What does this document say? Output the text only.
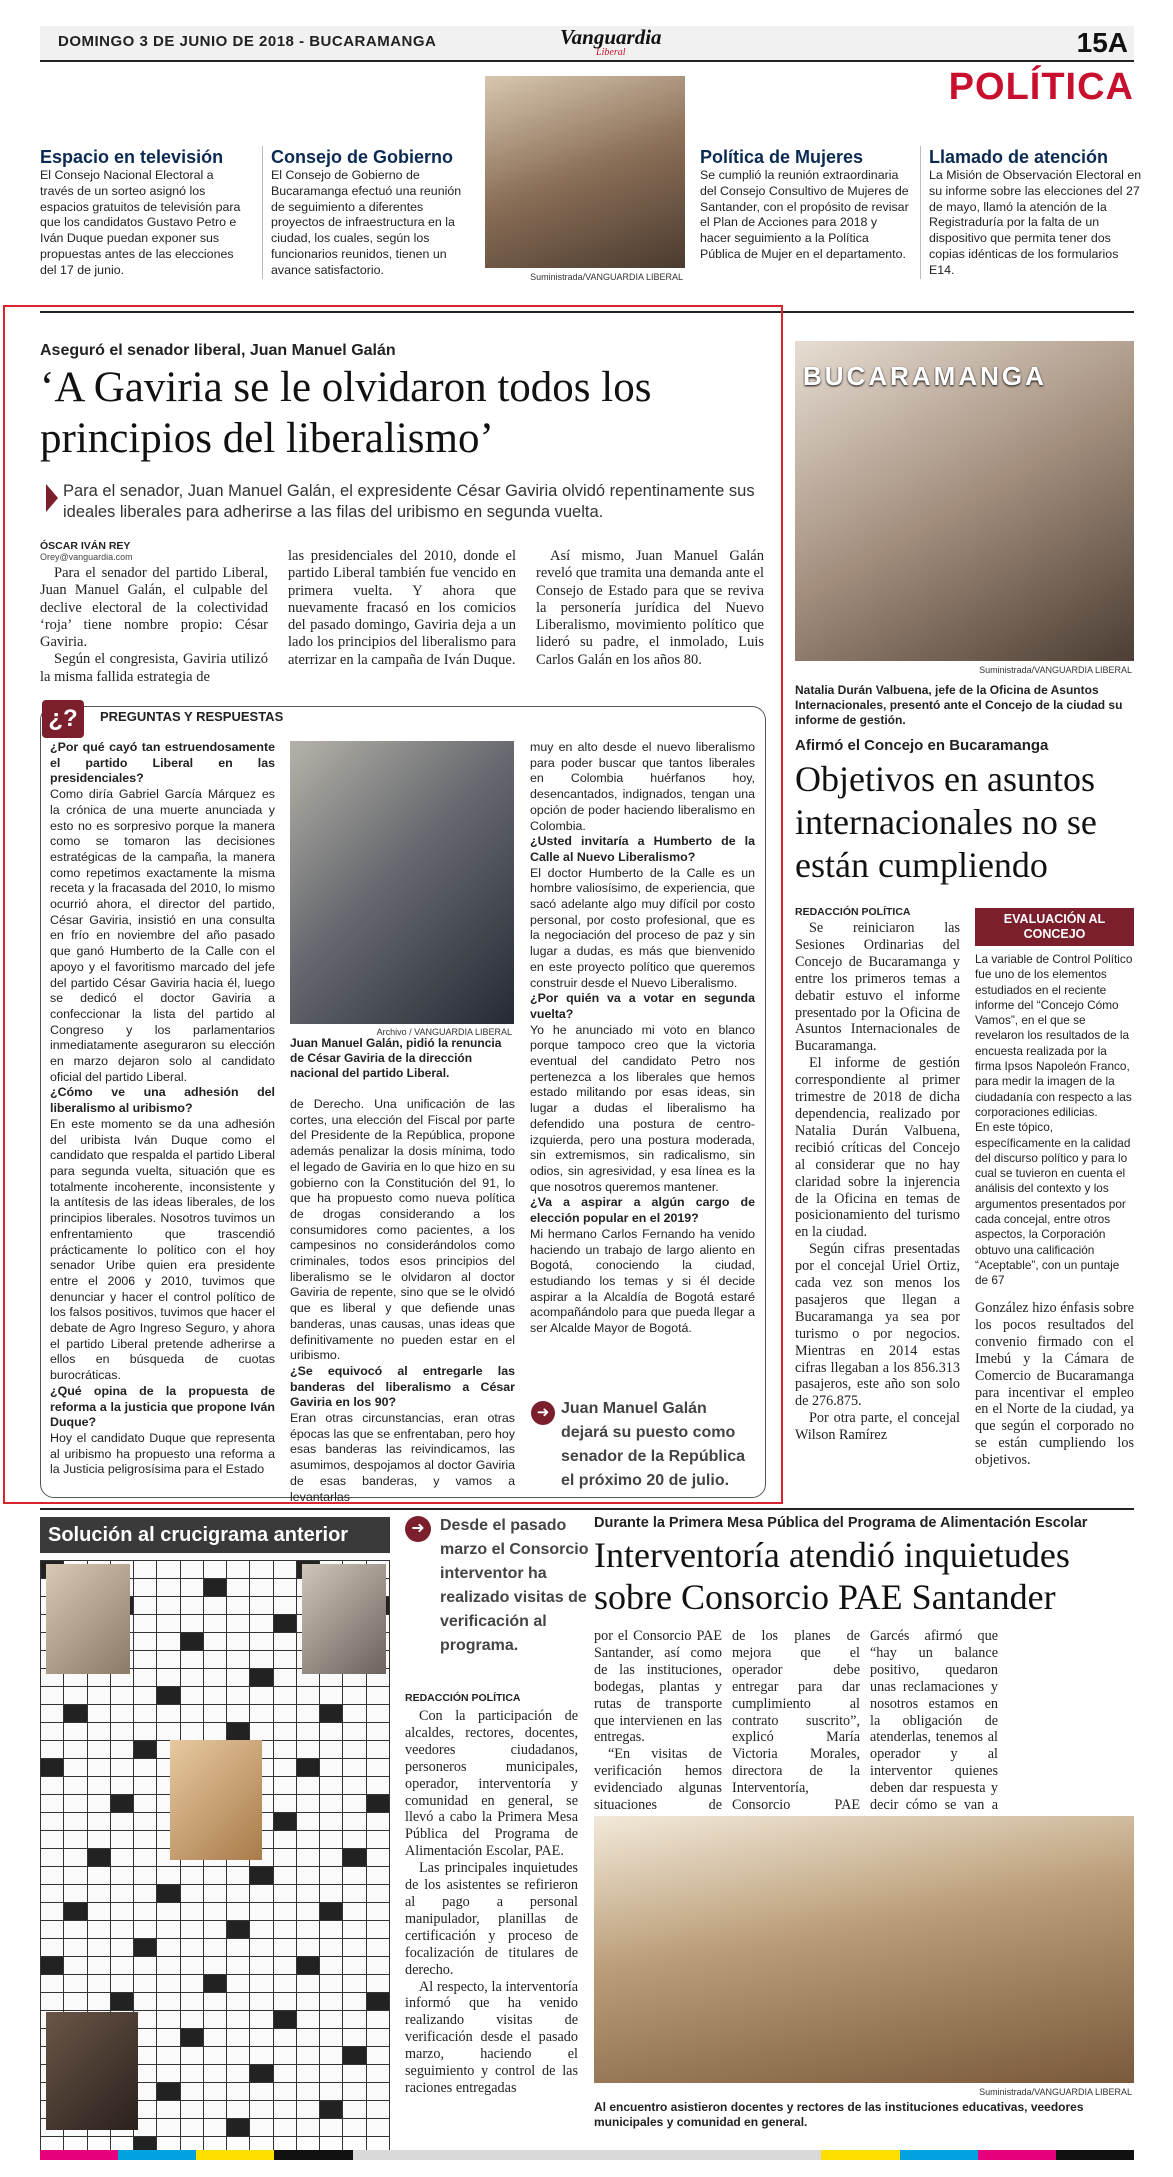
DOMINGO 3 DE JUNIO DE 2018 - BUCARAMANGA	Vanguardia
Liberal	15A
POLÍTICA
Espacio en televisión

El Consejo Nacional Electoral a través de un sorteo asignó los espacios gratuitos de televisión para que los candidatos Gustavo Petro e Iván Duque puedan exponer sus propuestas antes de las elecciones del 17 de junio.

Consejo de Gobierno

El Consejo de Gobierno de Bucaramanga efectuó una reunión de seguimiento a diferentes proyectos de infraestructura en la ciudad, los cuales, según los funcionarios reunidos, tienen un avance satisfactorio.

Suministrada/VANGUARDIA LIBERAL
Política de Mujeres

Se cumplió la reunión extraordinaria del Consejo Consultivo de Mujeres de Santander, con el propósito de revisar el Plan de Acciones para 2018 y hacer seguimiento a la Política Pública de Mujer en el departamento.

Llamado de atención

La Misión de Observación Electoral en su informe sobre las elecciones del 27 de mayo, llamó la atención de la Registraduría por la falta de un dispositivo que permita tener dos copias idénticas de los formularios E14.

Aseguró el senador liberal, Juan Manuel Galán
‘A Gaviria se le olvidaron todos los principios del liberalismo’
Para el senador, Juan Manuel Galán, el expresidente César Gaviria olvidó repentinamente sus ideales liberales para adherirse a las filas del uribismo en segunda vuelta.
ÓSCAR IVÁN REY
Orey@vanguardia.com

Para el senador del partido Liberal, Juan Manuel Galán, el culpable del declive electoral de la colectividad ‘roja’ tiene nombre propio: César Gaviria.

Según el congresista, Gaviria utilizó la misma fallida estrategia de

las presidenciales del 2010, donde el partido Liberal también fue vencido en primera vuelta. Y ahora que nuevamente fracasó en los comicios del pasado domingo, Gaviria deja a un lado los principios del liberalismo para aterrizar en la campaña de Iván Duque.

Así mismo, Juan Manuel Galán reveló que tramita una demanda ante el Consejo de Estado para que se reviva la personería jurídica del Nuevo Liberalismo, movimiento político que lideró su padre, el inmolado, Luis Carlos Galán en los años 80.

¿?	PREGUNTAS Y RESPUESTAS

¿Por qué cayó tan estruendosamente el partido Liberal en las presidenciales?

Como diría Gabriel García Márquez es la crónica de una muerte anunciada y esto no es sorpresivo porque la manera como se tomaron las decisiones estratégicas de la campaña, la manera como repetimos exactamente la misma receta y la fracasada del 2010, lo mismo ocurrió ahora, el director del partido, César Gaviria, insistió en una consulta en frío en noviembre del año pasado que ganó Humberto de la Calle con el apoyo y el favoritismo marcado del jefe del partido César Gaviria hacia él, luego se dedicó el doctor Gaviria a confeccionar la lista del partido al Congreso y los parlamentarios inmediatamente aseguraron su elección en marzo dejaron solo al candidato oficial del partido Liberal.

¿Cómo ve una adhesión del liberalismo al uribismo?

En este momento se da una adhesión del uribista Iván Duque como el candidato que respalda el partido Liberal para segunda vuelta, situación que es totalmente incoherente, inconsistente y la antítesis de las ideas liberales, de los principios liberales. Nosotros tuvimos un enfrentamiento que trascendió prácticamente lo político con el hoy senador Uribe quien era presidente entre el 2006 y 2010, tuvimos que denunciar y hacer el control político de los falsos positivos, tuvimos que hacer el debate de Agro Ingreso Seguro, y ahora el partido Liberal pretende adherirse a ellos en búsqueda de cuotas burocráticas.

¿Qué opina de la propuesta de reforma a la justicia que propone Iván Duque?

Hoy el candidato Duque que representa al uribismo ha propuesto una reforma a la Justicia peligrosísima para el Estado

Archivo / VANGUARDIA LIBERAL
Juan Manuel Galán, pidió la renuncia de César Gaviria de la dirección nacional del partido Liberal.

de Derecho. Una unificación de las cortes, una elección del Fiscal por parte del Presidente de la República, propone además penalizar la dosis mínima, todo el legado de Gaviria en lo que hizo en su gobierno con la Constitución del 91, lo que ha propuesto como nueva política de drogas considerando a los consumidores como pacientes, a los campesinos no considerándolos como criminales, todos esos principios del liberalismo se le olvidaron al doctor Gaviria de repente, sino que se le olvidó que es liberal y que defiende unas banderas, unas causas, unas ideas que definitivamente no pueden estar en el uribismo.

¿Se equivocó al entregarle las banderas del liberalismo a César Gaviria en los 90?

Eran otras circunstancias, eran otras épocas las que se enfrentaban, pero hoy esas banderas las reivindicamos, las asumimos, despojamos al doctor Gaviria de esas banderas, y vamos a levantarlas

muy en alto desde el nuevo liberalismo para poder buscar que tantos liberales en Colombia huérfanos hoy, desencantados, indignados, tengan una opción de poder haciendo liberalismo en Colombia.

¿Usted invitaría a Humberto de la Calle al Nuevo Liberalismo?

El doctor Humberto de la Calle es un hombre valiosísimo, de experiencia, que sacó adelante algo muy difícil por costo personal, por costo profesional, que es la negociación del proceso de paz y sin lugar a dudas, es más que bienvenido en este proyecto político que queremos construir desde el Nuevo Liberalismo.

¿Por quién va a votar en segunda vuelta?

Yo he anunciado mi voto en blanco porque tampoco creo que la victoria eventual del candidato Petro nos pertenezca a los liberales que hemos estado militando por esas ideas, sin lugar a dudas el liberalismo ha defendido una postura de centro-izquierda, pero una postura moderada, sin extremismos, sin radicalismo, sin odios, sin agresividad, y esa línea es la que nosotros queremos mantener.

¿Va a aspirar a algún cargo de elección popular en el 2019?

Mi hermano Carlos Fernando ha venido haciendo un trabajo de largo aliento en Bogotá, conociendo la ciudad, estudiando los temas y si él decide aspirar a la Alcaldía de Bogotá estaré acompañándolo para que pueda llegar a ser Alcalde Mayor de Bogotá.

➜ Juan Manuel Galán dejará su puesto como senador de la República el próximo 20 de julio.
BUCARAMANGA
Suministrada/VANGUARDIA LIBERAL
Natalia Durán Valbuena, jefe de la Oficina de Asuntos Internacionales, presentó ante el Concejo de la ciudad su informe de gestión.
Afirmó el Concejo en Bucaramanga
Objetivos en asuntos internacionales no se están cumpliendo
REDACCIÓN POLÍTICA

Se reiniciaron las Sesiones Ordinarias del Concejo de Bucaramanga y entre los primeros temas a debatir estuvo el informe presentado por la Oficina de Asuntos Internacionales de Bucaramanga.

El informe de gestión correspondiente al primer trimestre de 2018 de dicha dependencia, realizado por Natalia Durán Valbuena, recibió críticas del Concejo al considerar que no hay claridad sobre la injerencia de la Oficina en temas de posicionamiento del turismo en la ciudad.

Según cifras presentadas por el concejal Uriel Ortiz, cada vez son menos los pasajeros que llegan a Bucaramanga ya sea por turismo o por negocios. Mientras en 2014 estas cifras llegaban a los 856.313 pasajeros, este año son solo de 276.875.

Por otra parte, el concejal Wilson Ramírez

EVALUACIÓN AL CONCEJO

La variable de Control Político fue uno de los elementos estudiados en el reciente informe del “Concejo Cómo Vamos”, en el que se revelaron los resultados de la encuesta realizada por la firma Ipsos Napoleón Franco, para medir la imagen de la ciudadanía con respecto a las corporaciones edilicias.

En este tópico, específicamente en la calidad del discurso político y para lo cual se tuvieron en cuenta el análisis del contexto y los argumentos presentados por cada concejal, entre otros aspectos, la Corporación obtuvo una calificación “Aceptable”, con un puntaje de 67

González hizo énfasis sobre los pocos resultados del convenio firmado con el Imebú y la Cámara de Comercio de Bucaramanga para incentivar el empleo en el Norte de la ciudad, ya que según el corporado no se están cumpliendo los objetivos.
Solución al crucigrama anterior	➜ Desde el pasado marzo el Consorcio interventor ha realizado visitas de verificación al programa.
REDACCIÓN POLÍTICA

Con la participación de alcaldes, rectores, docentes, veedores ciudadanos, personeros municipales, operador, interventoría y comunidad en general, se llevó a cabo la Primera Mesa Pública del Programa de Alimentación Escolar, PAE.

Las principales inquietudes de los asistentes se refirieron al pago a personal manipulador, planillas de certificación y proceso de focalización de titulares de derecho.

Al respecto, la interventoría informó que ha venido realizando visitas de verificación desde el pasado marzo, haciendo el seguimiento y control de las raciones entregadas

Durante la Primera Mesa Pública del Programa de Alimentación Escolar
Interventoría atendió inquietudes sobre Consorcio PAE Santander

por el Consorcio PAE Santander, así como de las instituciones, bodegas, plantas y rutas de transporte que intervienen en las entregas.

“En visitas de verificación hemos evidenciado algunas situaciones de

de los planes de mejora que el operador debe entregar para dar cumplimiento al contrato suscrito”, explicó María Victoria Morales, directora de la Interventoría, Consorcio PAE

Garcés afirmó que “hay un balance positivo, quedaron unas reclamaciones y nosotros estamos en la obligación de atenderlas, tenemos al operador y al interventor quienes deben dar respuesta y decir cómo se van a

Suministrada/VANGUARDIA LIBERAL
Al encuentro asistieron docentes y rectores de las instituciones educativas, veedores municipales y comunidad en general.
